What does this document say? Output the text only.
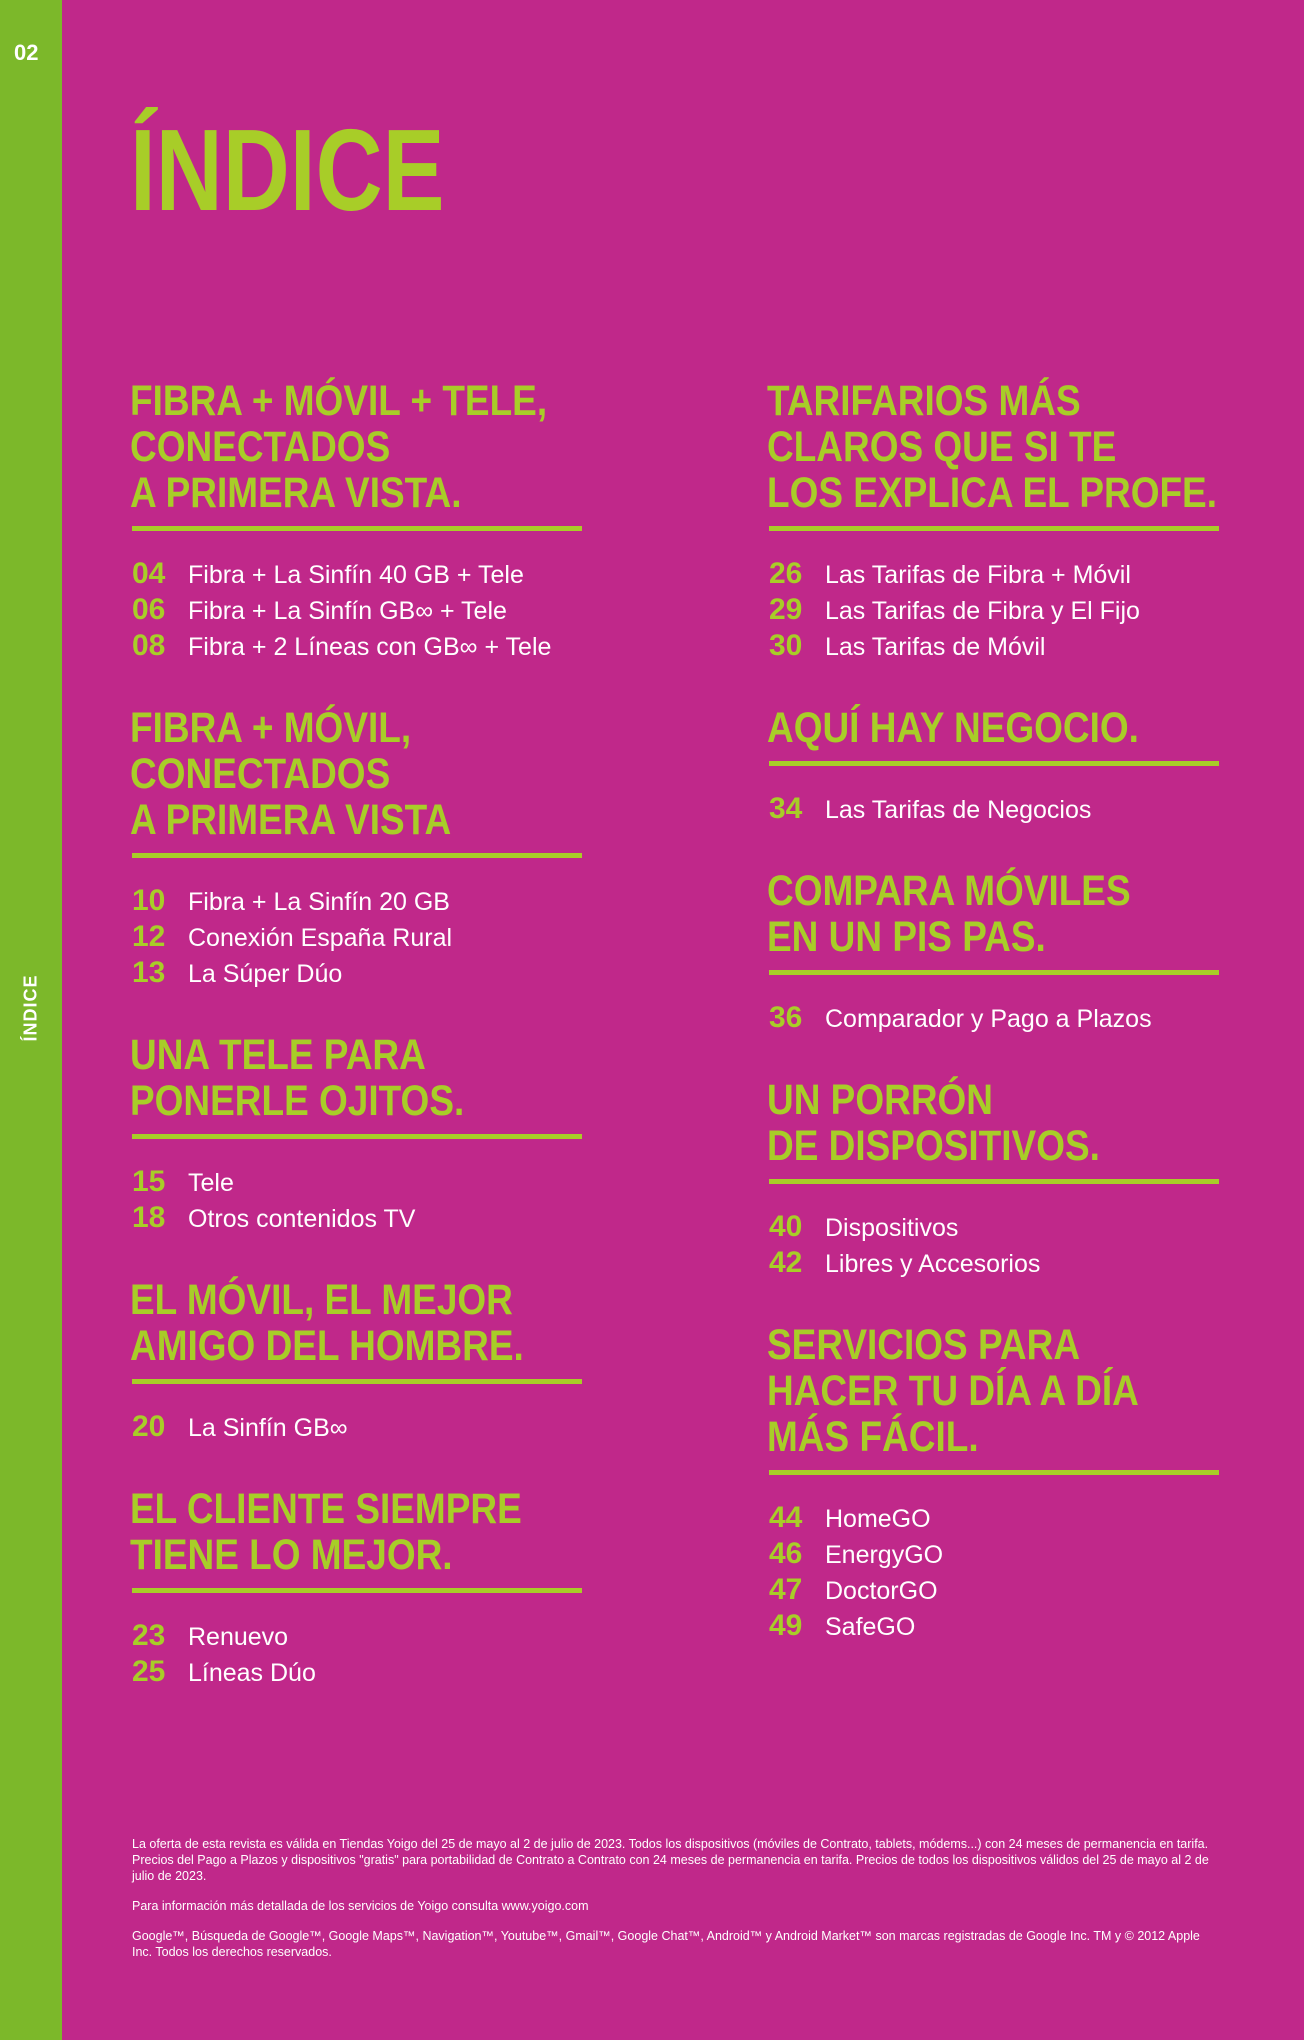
02
ÍNDICE
ÍNDICE
FIBRA + MÓVIL + TELE,
CONECTADOS
A PRIMERA VISTA.
04 Fibra + La Sinfín 40 GB + Tele
06 Fibra + La Sinfín GB∞ + Tele
08 Fibra + 2 Líneas con GB∞ + Tele
FIBRA + MÓVIL, CONECTADOS
A PRIMERA VISTA
10 Fibra + La Sinfín 20 GB
12 Conexión España Rural
13 La Súper Dúo
UNA TELE PARA
PONERLE OJITOS.
15 Tele
18 Otros contenidos TV
EL MÓVIL, EL MEJOR
AMIGO DEL HOMBRE.
20 La Sinfín GB∞
EL CLIENTE SIEMPRE
TIENE LO MEJOR.
23 Renuevo
25 Líneas Dúo
TARIFARIOS MÁS
CLAROS QUE SI TE
LOS EXPLICA EL PROFE.
26 Las Tarifas de Fibra + Móvil
29 Las Tarifas de Fibra y El Fijo
30 Las Tarifas de Móvil
AQUÍ HAY NEGOCIO.
34 Las Tarifas de Negocios
COMPARA MÓVILES
EN UN PIS PAS.
36 Comparador y Pago a Plazos
UN PORRÓN
DE DISPOSITIVOS.
40 Dispositivos
42 Libres y Accesorios
SERVICIOS PARA
HACER TU DÍA A DÍA
MÁS FÁCIL.
44 HomeGO
46 EnergyGO
47 DoctorGO
49 SafeGO

La oferta de esta revista es válida en Tiendas Yoigo del 25 de mayo al 2 de julio de 2023. Todos los dispositivos (móviles de Contrato, tablets, módems...) con 24 meses de permanencia en tarifa. Precios del Pago a Plazos y dispositivos "gratis" para portabilidad de Contrato a Contrato con 24 meses de permanencia en tarifa. Precios de todos los dispositivos válidos del 25 de mayo al 2 de julio de 2023.

Para información más detallada de los servicios de Yoigo consulta www.yoigo.com

Google™, Búsqueda de Google™, Google Maps™, Navigation™, Youtube™, Gmail™, Google Chat™, Android™ y Android Market™ son marcas registradas de Google Inc. TM y © 2012 Apple Inc. Todos los derechos reservados.
